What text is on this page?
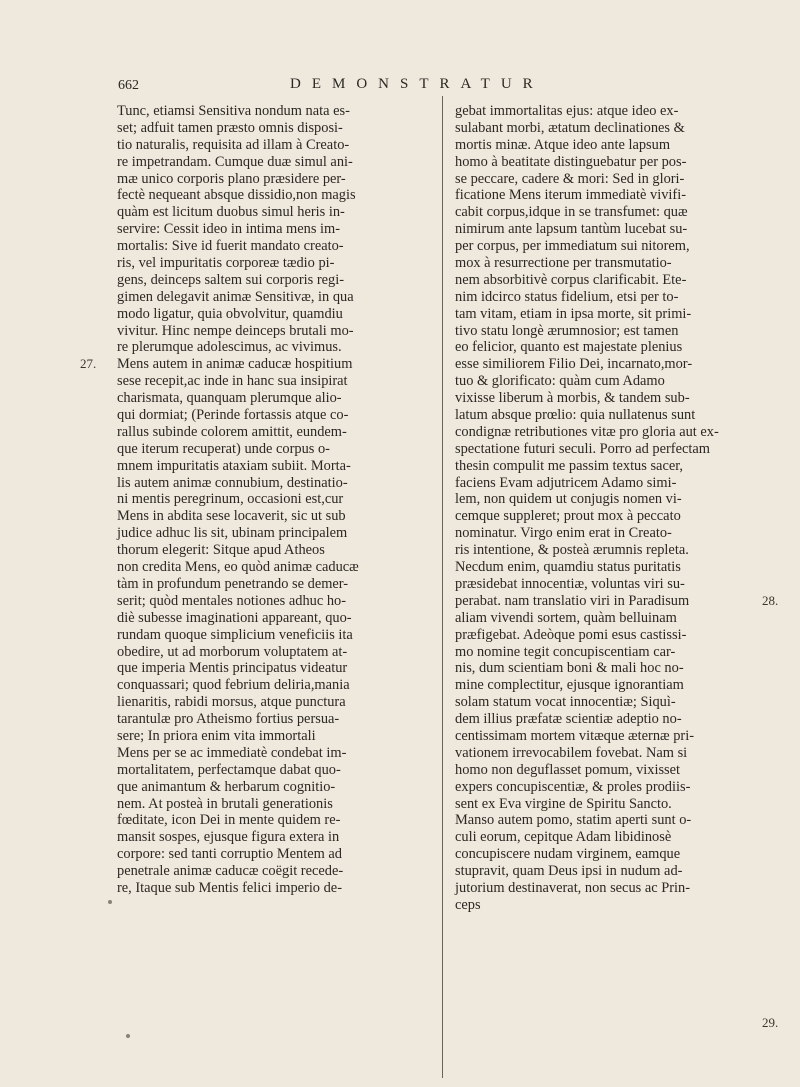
662	DEMONSTRATUR
Tunc, etiamsi Sensitiva nondum nata es-
set; adfuit tamen præsto omnis disposi-
tio naturalis, requisita ad illam à Creato-
re impetrandam. Cumque duæ simul ani-
mæ unico corporis plano præsidere per-
fectè nequeant absque dissidio,non magis
quàm est licitum duobus simul heris in-
servire: Cessit ideo in intima mens im-
mortalis: Sive id fuerit mandato creato-
ris, vel impuritatis corporeæ tædio pi-
gens, deinceps saltem sui corporis regi-
gimen delegavit animæ Sensitivæ, in qua
modo ligatur, quia obvolvitur, quamdiu
vivitur. Hinc nempe deinceps brutali mo-
re plerumque adolescimus, ac vivimus.
Mens autem in animæ caducæ hospitium
sese recepit,ac inde in hanc sua insipirat
charismata, quanquam plerumque alio-
qui dormiat; (Perinde fortassis atque co-
rallus subinde colorem amittit, eundem-
que iterum recuperat) unde corpus o-
mnem impuritatis ataxiam subiit. Morta-
lis autem animæ connubium, destinatio-
ni mentis peregrinum, occasioni est,cur
Mens in abdita sese locaverit, sic ut sub
judice adhuc lis sit, ubinam principalem
thorum elegerit: Sitque apud Atheos
non credita Mens, eo quòd animæ caducæ
tàm in profundum penetrando se demer-
serit; quòd mentales notiones adhuc ho-
diè subesse imaginationi appareant, quo-
rundam quoque simplicium veneficiis ita
obedire, ut ad morborum voluptatem at-
que imperia Mentis principatus videatur
conquassari; quod febrium deliria,mania
lienaritis, rabidi morsus, atque punctura
tarantulæ pro Atheismo fortius persua-
sere; In priora enim vita immortali
Mens per se ac immediatè condebat im-
mortalitatem, perfectamque dabat quo-
que animantum & herbarum cognitio-
nem. At posteà in brutali generationis
fœditate, icon Dei in mente quidem re-
mansit sospes, ejusque figura extera in
corpore: sed tanti corruptio Mentem ad
penetrale animæ caducæ coëgit recede-
re, Itaque sub Mentis felici imperio de-
gebat immortalitas ejus: atque ideo ex-
sulabant morbi, ætatum declinationes &
mortis minæ. Atque ideo ante lapsum
homo à beatitate distinguebatur per pos-
se peccare, cadere & mori: Sed in glori-
ficatione Mens iterum immediatè vivifi-
cabit corpus,idque in se transfumet: quæ
nimirum ante lapsum tantùm lucebat su-
per corpus, per immediatum sui nitorem,
mox à resurrectione per transmutatio-
nem absorbitivè corpus clarificabit. Ete-
nim idcirco status fidelium, etsi per to-
tam vitam, etiam in ipsa morte, sit primi-
tivo statu longè ærumnosior; est tamen
eo felicior, quanto est majestate plenius
esse similiorem Filio Dei, incarnato,mor-
tuo & glorificato: quàm cum Adamo
vixisse liberum à morbis, & tandem sub-
latum absque prœlio: quia nullatenus sunt
condignæ retributiones vitæ pro gloria aut ex-
spectatione futuri seculi. Porro ad perfectam
thesin compulit me passim textus sacer,
faciens Evam adjutricem Adamo simi-
lem, non quidem ut conjugis nomen vi-
cemque suppleret; prout mox à peccato
nominatur. Virgo enim erat in Creato-
ris intentione, & posteà ærumnis repleta.
Necdum enim, quamdiu status puritatis
præsidebat innocentiæ, voluntas viri su-
perabat. nam translatio viri in Paradisum
aliam vivendi sortem, quàm belluinam
præfigebat. Adeòque pomi esus castissi-
mo nomine tegit concupiscentiam car-
nis, dum scientiam boni & mali hoc no-
mine complectitur, ejusque ignorantiam
solam statum vocat innocentiæ; Siquì-
dem illius præfatæ scientiæ adeptio no-
centissimam mortem vitæque æternæ pri-
vationem irrevocabilem fovebat. Nam si
homo non deguflasset pomum, vixisset
expers concupiscentiæ, & proles prodiis-
sent ex Eva virgine de Spiritu Sancto.
Manso autem pomo, statim aperti sunt o-
culi eorum, cepitque Adam libidinosè
concupiscere nudam virginem, eamque
stupravit, quam Deus ipsi in nudum ad-
jutorium destinaverat, non secus ac Prin-
ceps
27.
28.
29.
